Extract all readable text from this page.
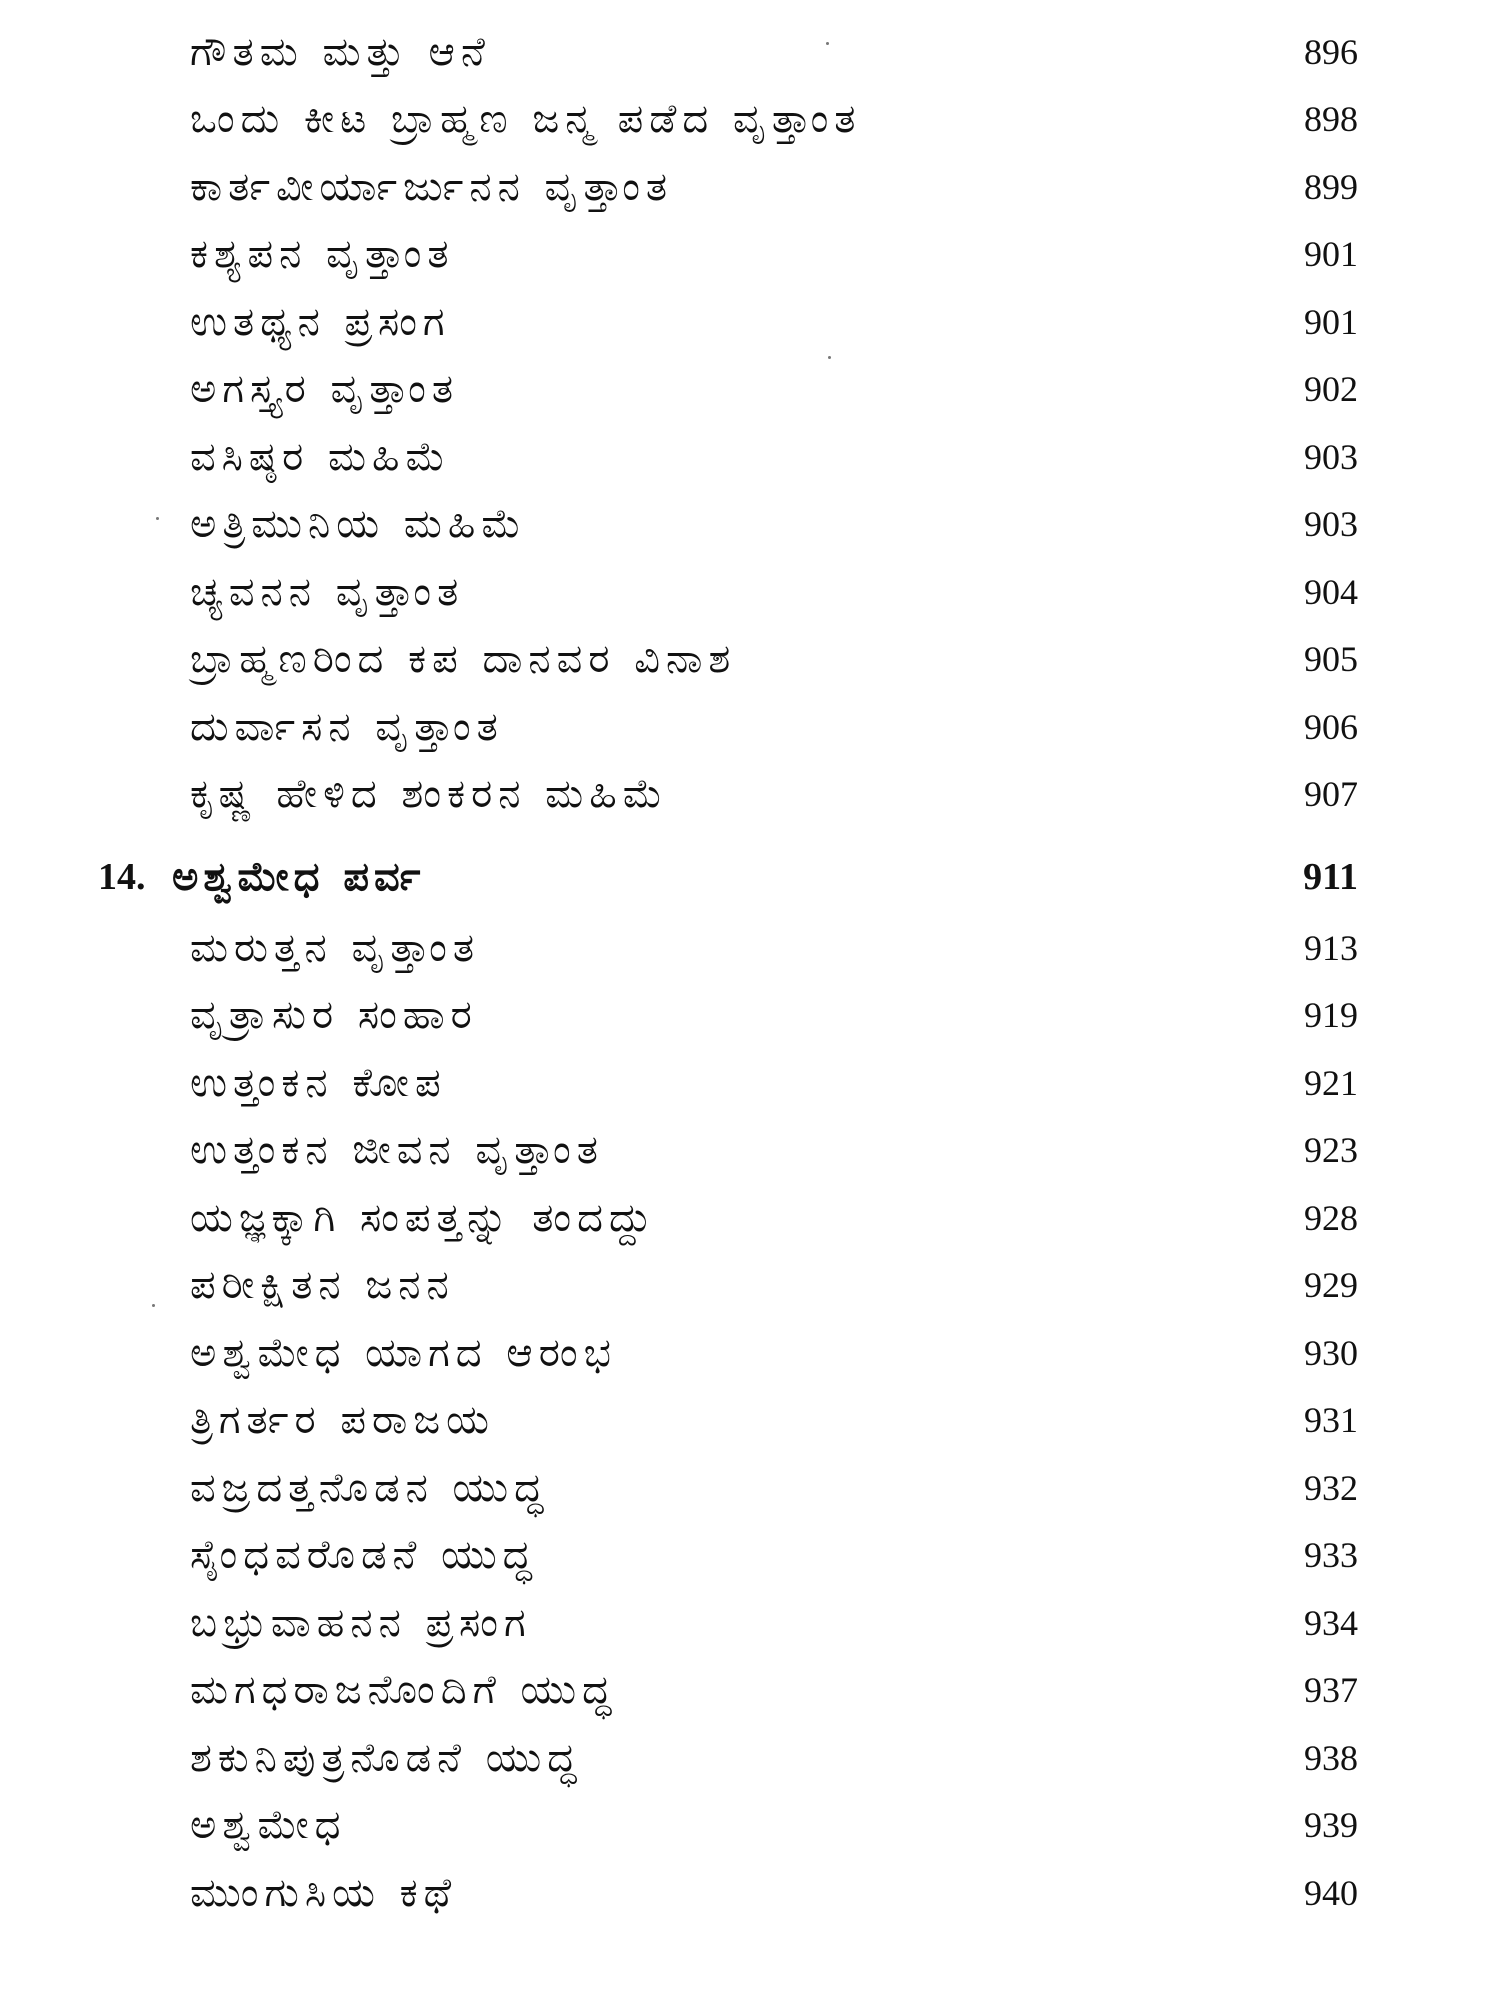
ಗೌತಮ ಮತ್ತು ಆನೆ	896
ಒಂದು ಕೀಟ ಬ್ರಾಹ್ಮಣ ಜನ್ಮ ಪಡೆದ ವೃತ್ತಾಂತ	898
ಕಾರ್ತವೀರ್ಯಾರ್ಜುನನ ವೃತ್ತಾಂತ	899
ಕಶ್ಯಪನ ವೃತ್ತಾಂತ	901
ಉತಥ್ಯನ ಪ್ರಸಂಗ	901
ಅಗಸ್ತ್ಯರ ವೃತ್ತಾಂತ	902
ವಸಿಷ್ಠರ ಮಹಿಮೆ	903
ಅತ್ರಿಮುನಿಯ ಮಹಿಮೆ	903
ಚ್ಯವನನ ವೃತ್ತಾಂತ	904
ಬ್ರಾಹ್ಮಣರಿಂದ ಕಪ ದಾನವರ ವಿನಾಶ	905
ದುರ್ವಾಸನ ವೃತ್ತಾಂತ	906
ಕೃಷ್ಣ ಹೇಳಿದ ಶಂಕರನ ಮಹಿಮೆ	907
14. ಅಶ್ವಮೇಧ ಪರ್ವ	911
ಮರುತ್ತನ ವೃತ್ತಾಂತ	913
ವೃತ್ರಾಸುರ ಸಂಹಾರ	919
ಉತ್ತಂಕನ ಕೋಪ	921
ಉತ್ತಂಕನ ಜೀವನ ವೃತ್ತಾಂತ	923
ಯಜ್ಞಕ್ಕಾಗಿ ಸಂಪತ್ತನ್ನು ತಂದದ್ದು	928
ಪರೀಕ್ಷಿತನ ಜನನ	929
ಅಶ್ವಮೇಧ ಯಾಗದ ಆರಂಭ	930
ತ್ರಿಗರ್ತರ ಪರಾಜಯ	931
ವಜ್ರದತ್ತನೊಡನ ಯುದ್ಧ	932
ಸೈಂಧವರೊಡನೆ ಯುದ್ಧ	933
ಬಭ್ರುವಾಹನನ ಪ್ರಸಂಗ	934
ಮಗಧರಾಜನೊಂದಿಗೆ ಯುದ್ಧ	937
ಶಕುನಿಪುತ್ರನೊಡನೆ ಯುದ್ಧ	938
ಅಶ್ವಮೇಧ	939
ಮುಂಗುಸಿಯ ಕಥೆ	940
